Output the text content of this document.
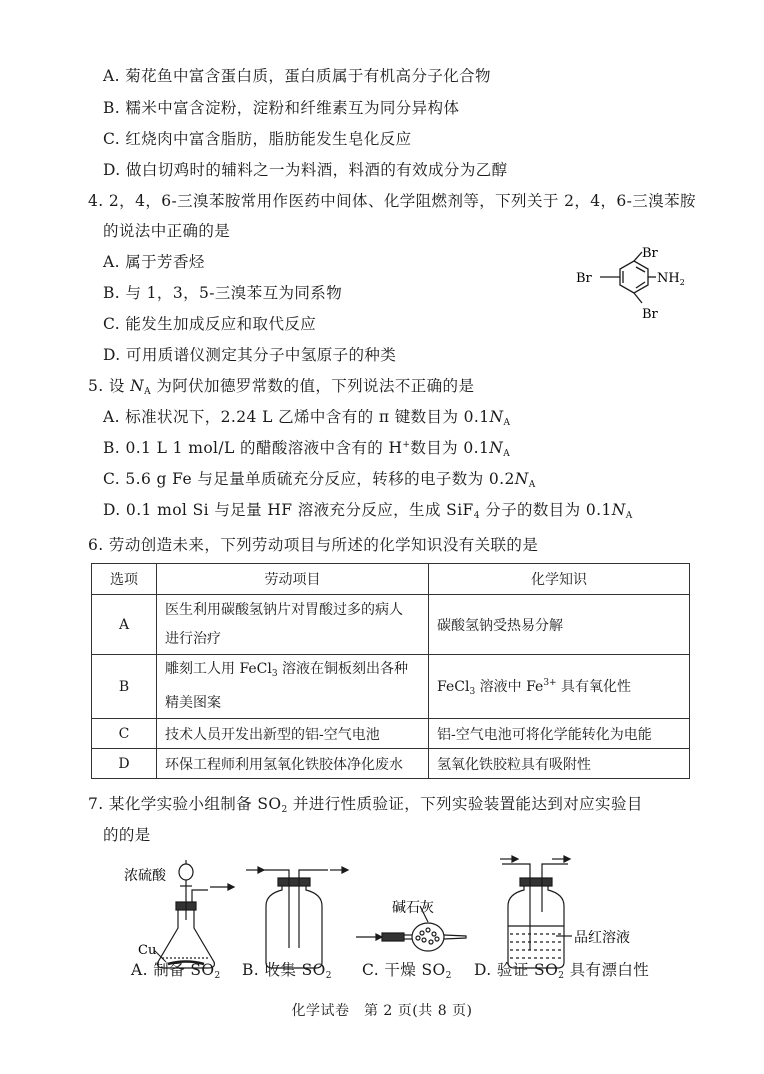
A. 菊花鱼中富含蛋白质，蛋白质属于有机高分子化合物
B. 糯米中富含淀粉，淀粉和纤维素互为同分异构体
C. 红烧肉中富含脂肪，脂肪能发生皂化反应
D. 做白切鸡时的辅料之一为料酒，料酒的有效成分为乙醇
4. 2，4，6-三溴苯胺常用作医药中间体、化学阻燃剂等，下列关于 2，4，6-三溴苯胺
的说法中正确的是
A. 属于芳香烃
B. 与 1，3，5-三溴苯互为同系物
C. 能发生加成反应和取代反应
D. 可用质谱仪测定其分子中氢原子的种类
Br
Br
Br
$NH_2$
5. 设 $N_A$ 为阿伏加德罗常数的值，下列说法不正确的是
A. 标准状况下，2.24 L 乙烯中含有的 π 键数目为 $0.1N_A$
B. 0.1 L 1 mol/L 的醋酸溶液中含有的 H+数目为 $0.1N_A$
C. 5.6 g Fe 与足量单质硫充分反应，转移的电子数为 $0.2N_A$
D. 0.1 mol Si 与足量 HF 溶液充分反应，生成 SiF$_4$ 分子的数目为 $0.1N_A$
6. 劳动创造未来，下列劳动项目与所述的化学知识没有关联的是
选项	劳动项目	化学知识
A	医生利用碳酸氢钠片对胃酸过多的病人
进行治疗	碳酸氢钠受热易分解
B	雕刻工人用 FeCl$_3$ 溶液在铜板刻出各种
精美图案	FeCl$_3$ 溶液中 $Fe^{3+}$ 具有氧化性
C	技术人员开发出新型的铝-空气电池	铝-空气电池可将化学能转化为电能
D	环保工程师利用氢氧化铁胶体净化废水	氢氧化铁胶粒具有吸附性
7. 某化学实验小组制备 $SO_2$ 并进行性质验证，下列实验装置能达到对应实验目
的的是
浓硫酸
Cu
碱石灰
品红溶液
A. 制备 $SO_2$ B. 收集 $SO_2$ C. 干燥 $SO_2$ D. 验证 $SO_2$ 具有漂白性
化学试卷　第 2 页(共 8 页)
